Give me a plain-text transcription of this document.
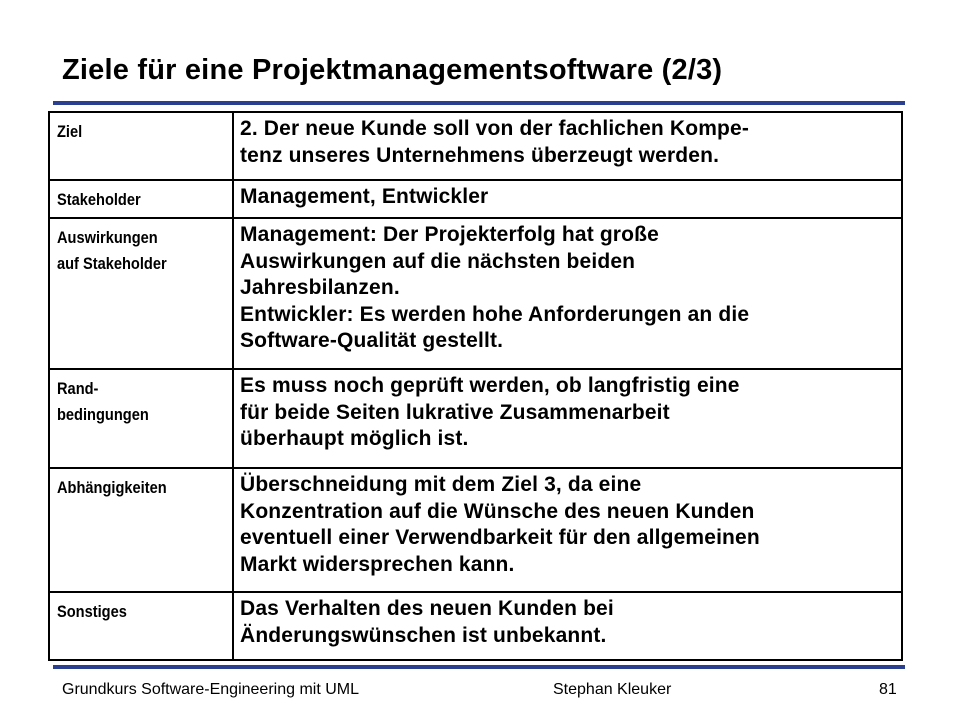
Ziele für eine Projektmanagementsoftware (2/3)
Ziel	2. Der neue Kunde soll von der fachlichen Kompe-
tenz unseres Unternehmens überzeugt werden.
Stakeholder	Management, Entwickler
Auswirkungen
auf Stakeholder	Management: Der Projekterfolg hat große
Auswirkungen auf die nächsten beiden
Jahresbilanzen.
Entwickler: Es werden hohe Anforderungen an die
Software-Qualität gestellt.
Rand-
bedingungen	Es muss noch geprüft werden, ob langfristig eine
für beide Seiten lukrative Zusammenarbeit
überhaupt möglich ist.
Abhängigkeiten	Überschneidung mit dem Ziel 3, da eine
Konzentration auf die Wünsche des neuen Kunden
eventuell einer Verwendbarkeit für den allgemeinen
Markt widersprechen kann.
Sonstiges	Das Verhalten des neuen Kunden bei
Änderungswünschen ist unbekannt.
Grundkurs Software-Engineering mit UML	Stephan Kleuker	81
